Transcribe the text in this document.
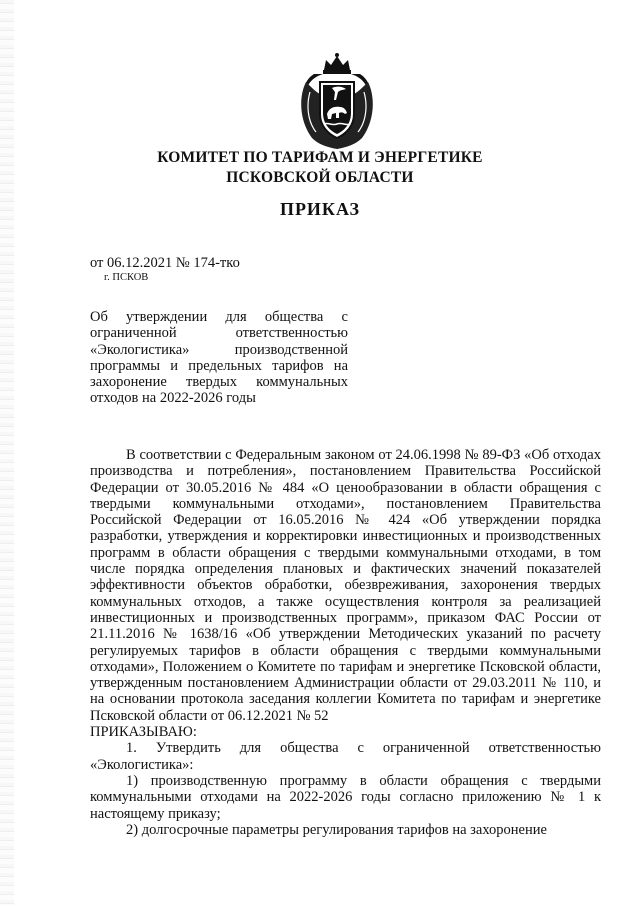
КОМИТЕТ ПО ТАРИФАМ И ЭНЕРГЕТИКЕ
ПСКОВСКОЙ ОБЛАСТИ
ПРИКАЗ
от 06.12.2021 № 174-тко
г. ПСКОВ
Об утверждении для общества с ограниченной ответственностью «Экологистика» производственной программы и предельных тарифов на захоронение твердых коммунальных отходов на 2022-2026 годы

В соответствии с Федеральным законом от 24.06.1998 № 89-ФЗ «Об отходах производства и потребления», постановлением Правительства Российской Федерации от 30.05.2016 № 484 «О ценообразовании в области обращения с твердыми коммунальными отходами», постановлением Правительства Российской Федерации от 16.05.2016 № 424 «Об утверждении порядка разработки, утверждения и корректировки инвестиционных и производственных программ в области обращения с твердыми коммунальными отходами, в том числе порядка определения плановых и фактических значений показателей эффективности объектов обработки, обезвреживания, захоронения твердых коммунальных отходов, а также осуществления контроля за реализацией инвестиционных и производственных программ», приказом ФАС России от 21.11.2016 № 1638/16 «Об утверждении Методических указаний по расчету регулируемых тарифов в области обращения с твердыми коммунальными отходами», Положением о Комитете по тарифам и энергетике Псковской области, утвержденным постановлением Администрации области от 29.03.2011 № 110, и на основании протокола заседания коллегии Комитета по тарифам и энергетике Псковской области от 06.12.2021 № 52

ПРИКАЗЫВАЮ:

1. Утвердить для общества с ограниченной ответственностью «Экологистика»:

1) производственную программу в области обращения с твердыми коммунальными отходами на 2022-2026 годы согласно приложению № 1 к настоящему приказу;

2) долгосрочные параметры регулирования тарифов на захоронение
